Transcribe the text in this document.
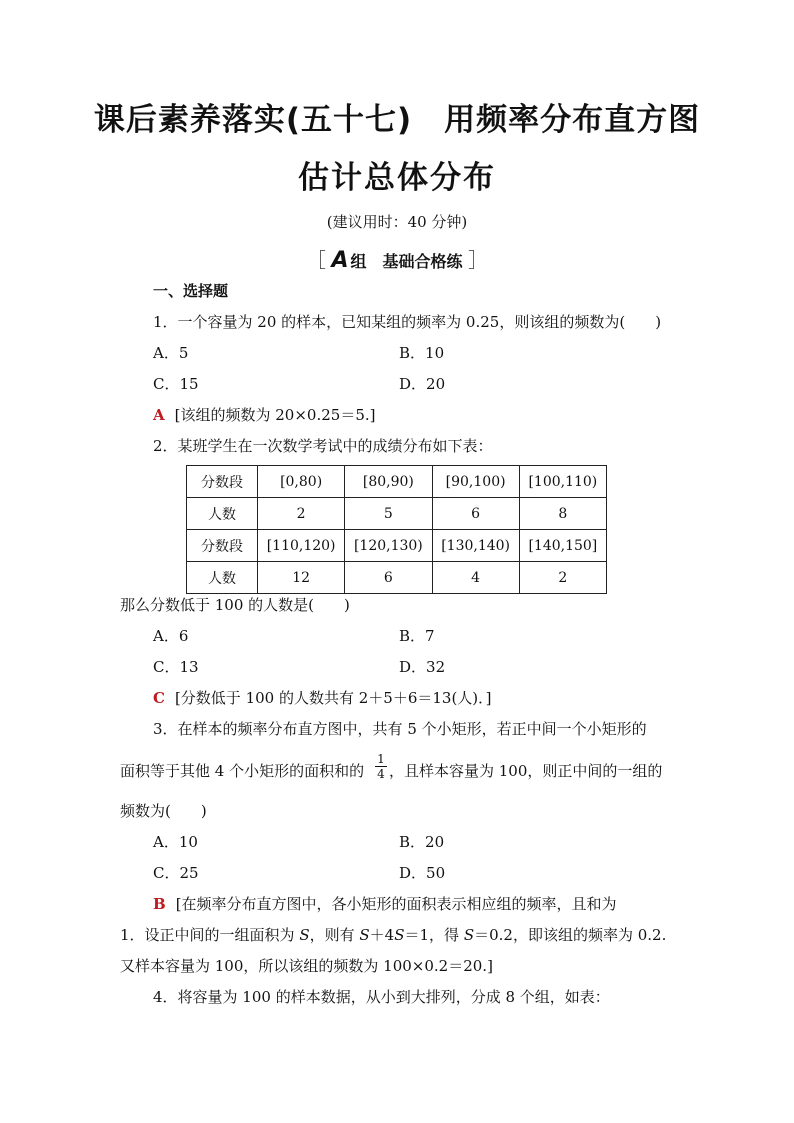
课后素养落实(五十七)　用频率分布直方图
估计总体分布
(建议用时：40 分钟)
［ A 组　基础合格练 ］
一、选择题
1．一个容量为 20 的样本，已知某组的频率为 0.25，则该组的频数为(　　)
A．5	B．10
C．15	D．20
A [该组的频数为 20×0.25＝5.]
2．某班学生在一次数学考试中的成绩分布如下表：
分数段	[0,80)	[80,90)	[90,100)	[100,110)
人数	2	5	6	8
分数段	[110,120)	[120,130)	[130,140)	[140,150]
人数	12	6	4	2
那么分数低于 100 的人数是(　　)
A．6	B．7
C．13	D．32
C [分数低于 100 的人数共有 2＋5＋6＝13(人)．]
3．在样本的频率分布直方图中，共有 5 个小矩形，若正中间一个小矩形的
面积等于其他 4 个小矩形的面积和的 $\frac{1}{4}$ ，且样本容量为 100，则正中间的一组的
频数为(　　)
A．10	B．20
C．25	D．50
B [在频率分布直方图中，各小矩形的面积表示相应组的频率，且和为
1．设正中间的一组面积为 S，则有 S＋4S＝1，得 S＝0.2，即该组的频率为 0.2.
又样本容量为 100，所以该组的频数为 100×0.2＝20.]
4．将容量为 100 的样本数据，从小到大排列，分成 8 个组，如表：
